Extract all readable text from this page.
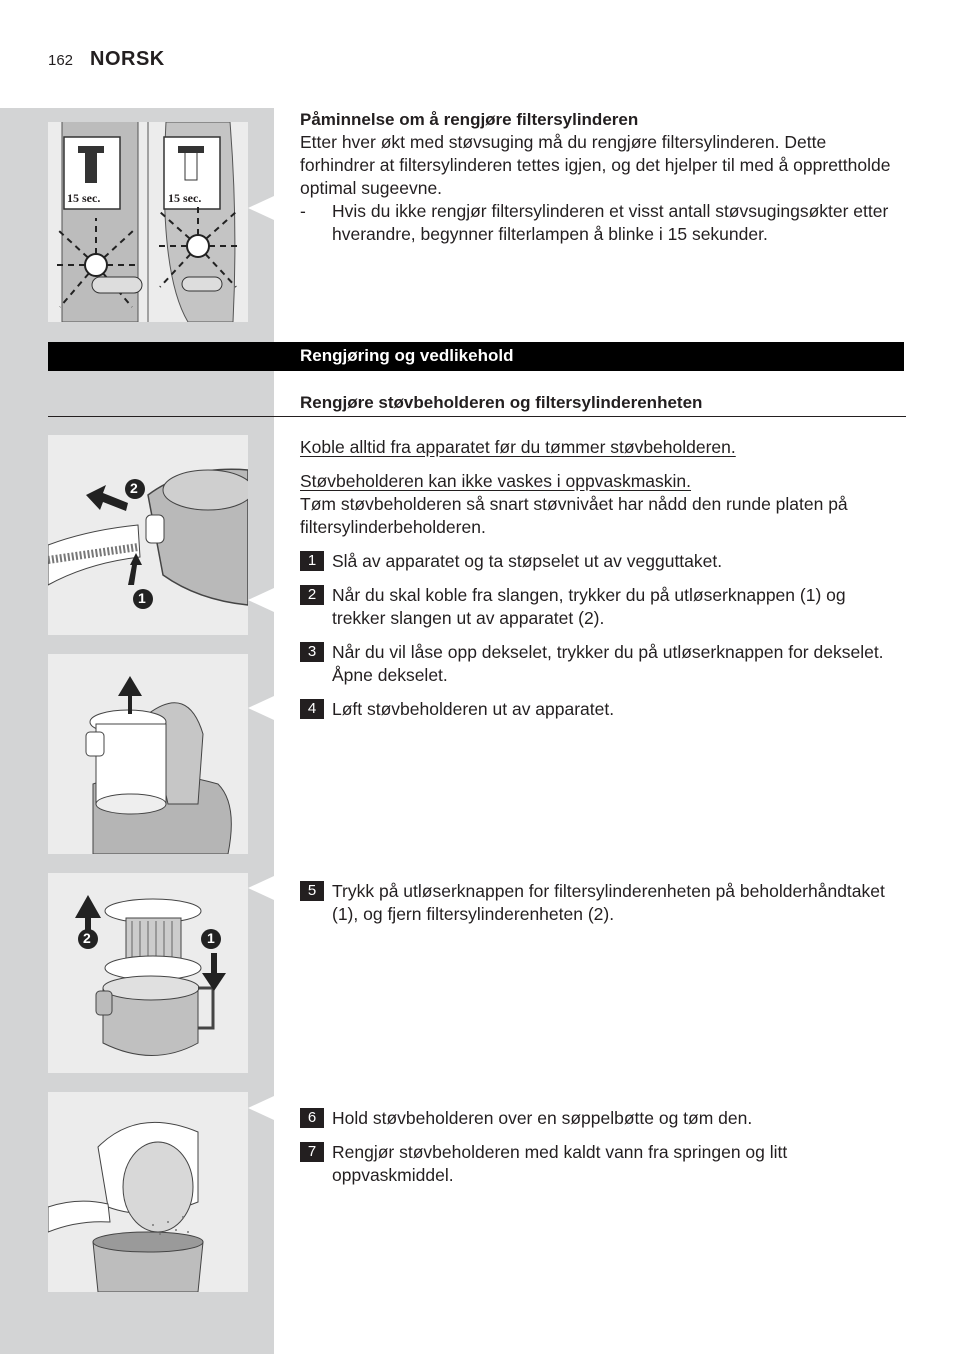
162 NORSK
15 sec.	15 sec.
Påminnelse om å rengjøre filtersylinderen
Etter hver økt med støvsuging må du rengjøre filtersylinderen. Dette forhindrer at filtersylinderen tettes igjen, og det hjelper til med å opprettholde optimal sugeevne.
- Hvis du ikke rengjør filtersylinderen et visst antall støvsugingsøkter etter hverandre, begynner filterlampen å blinke i 15 sekunder.
Rengjøring og vedlikehold
Rengjøre støvbeholderen og filtersylinderenheten
2
1
2	1
Koble alltid fra apparatet før du tømmer støvbeholderen.
Støvbeholderen kan ikke vaskes i oppvaskmaskin.
Tøm støvbeholderen så snart støvnivået har nådd den runde platen på filtersylinderbeholderen.
1 Slå av apparatet og ta støpselet ut av vegguttaket.
2 Når du skal koble fra slangen, trykker du på utløserknappen (1) og trekker slangen ut av apparatet (2).
3 Når du vil låse opp dekselet, trykker du på utløserknappen for dekselet. Åpne dekselet.
4 Løft støvbeholderen ut av apparatet.
5 Trykk på utløserknappen for filtersylinderenheten på beholderhåndtaket (1), og fjern filtersylinderenheten (2).
6 Hold støvbeholderen over en søppelbøtte og tøm den.
7 Rengjør støvbeholderen med kaldt vann fra springen og litt oppvaskmiddel.
